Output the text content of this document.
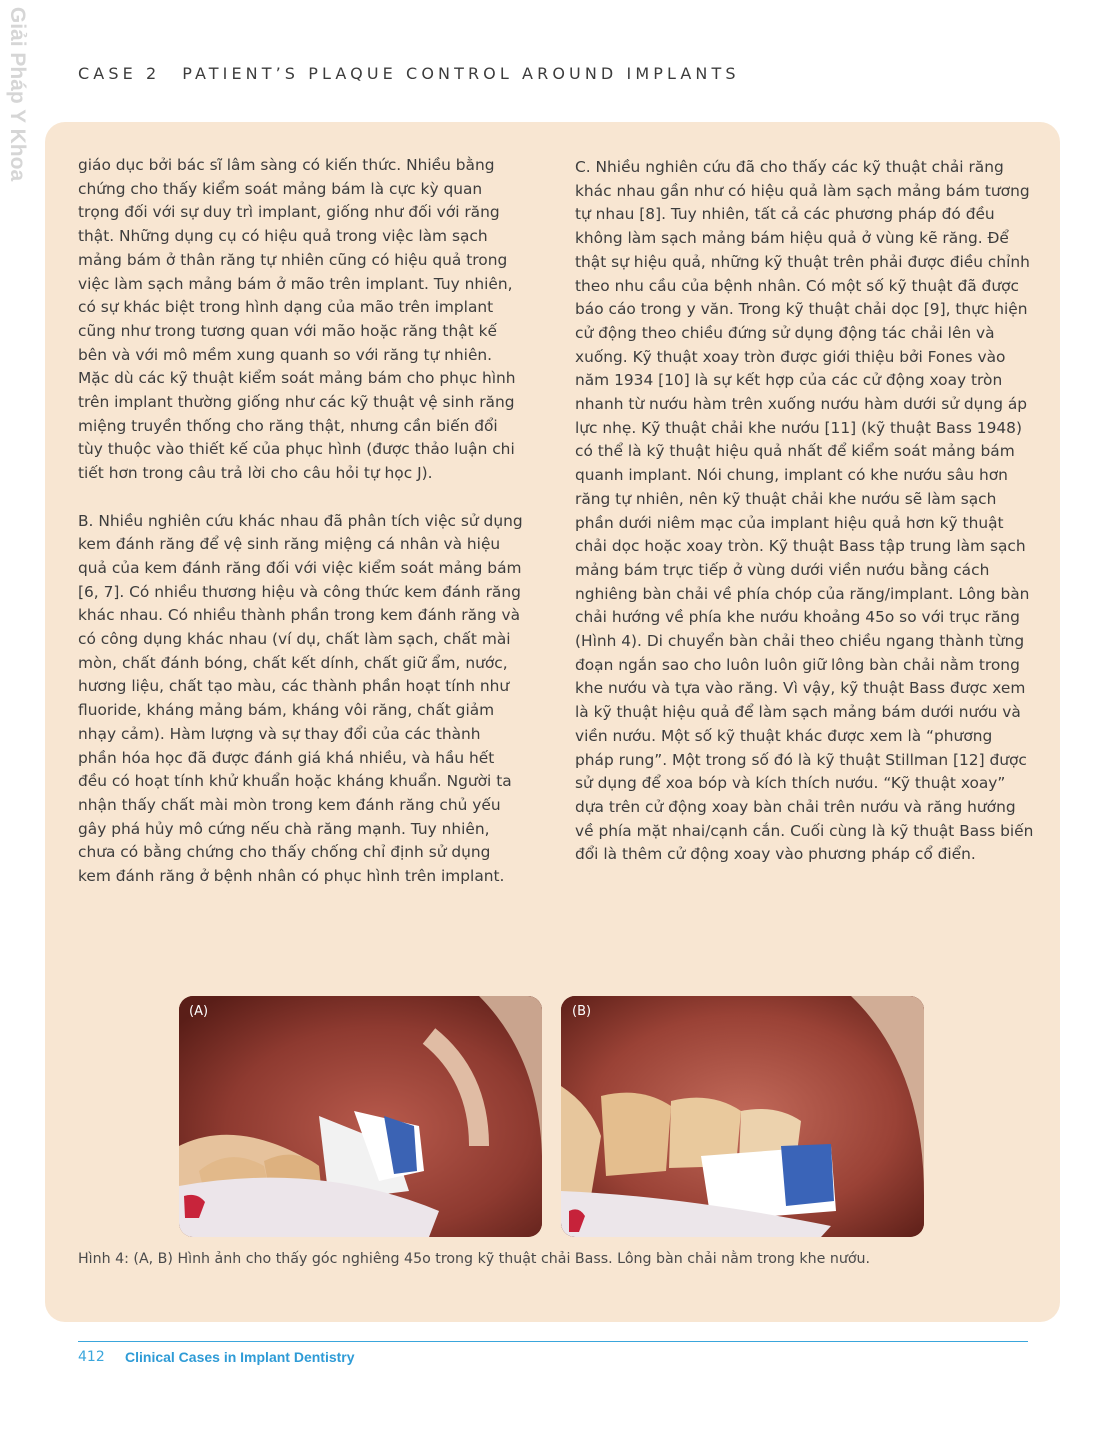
Giải Pháp Y Khoa	CASE 2 PATIENT’S PLAQUE CONTROL AROUND IMPLANTS

giáo dục bởi bác sĩ lâm sàng có kiến thức. Nhiều bằng chứng cho thấy kiểm soát mảng bám là cực kỳ quan trọng đối với sự duy trì implant, giống như đối với răng thật. Những dụng cụ có hiệu quả trong việc làm sạch mảng bám ở thân răng tự nhiên cũng có hiệu quả trong việc làm sạch mảng bám ở mão trên implant. Tuy nhiên, có sự khác biệt trong hình dạng của mão trên implant cũng như trong tương quan với mão hoặc răng thật kế bên và với mô mềm xung quanh so với răng tự nhiên. Mặc dù các kỹ thuật kiểm soát mảng bám cho phục hình trên implant thường giống như các kỹ thuật vệ sinh răng miệng truyền thống cho răng thật, nhưng cần biến đổi tùy thuộc vào thiết kế của phục hình (được thảo luận chi tiết hơn trong câu trả lời cho câu hỏi tự học J).

B. Nhiều nghiên cứu khác nhau đã phân tích việc sử dụng kem đánh răng để vệ sinh răng miệng cá nhân và hiệu quả của kem đánh răng đối với việc kiểm soát mảng bám [6, 7]. Có nhiều thương hiệu và công thức kem đánh răng khác nhau. Có nhiều thành phần trong kem đánh răng và có công dụng khác nhau (ví dụ, chất làm sạch, chất mài mòn, chất đánh bóng, chất kết dính, chất giữ ẩm, nước, hương liệu, chất tạo màu, các thành phần hoạt tính như fluoride, kháng mảng bám, kháng vôi răng, chất giảm nhạy cảm). Hàm lượng và sự thay đổi của các thành phần hóa học đã được đánh giá khá nhiều, và hầu hết đều có hoạt tính khử khuẩn hoặc kháng khuẩn. Người ta nhận thấy chất mài mòn trong kem đánh răng chủ yếu gây phá hủy mô cứng nếu chà răng mạnh. Tuy nhiên, chưa có bằng chứng cho thấy chống chỉ định sử dụng kem đánh răng ở bệnh nhân có phục hình trên implant.

C. Nhiều nghiên cứu đã cho thấy các kỹ thuật chải răng khác nhau gần như có hiệu quả làm sạch mảng bám tương tự nhau [8]. Tuy nhiên, tất cả các phương pháp đó đều không làm sạch mảng bám hiệu quả ở vùng kẽ răng. Để thật sự hiệu quả, những kỹ thuật trên phải được điều chỉnh theo nhu cầu của bệnh nhân. Có một số kỹ thuật đã được báo cáo trong y văn. Trong kỹ thuật chải dọc [9], thực hiện cử động theo chiều đứng sử dụng động tác chải lên và xuống. Kỹ thuật xoay tròn được giới thiệu bởi Fones vào năm 1934 [10] là sự kết hợp của các cử động xoay tròn nhanh từ nướu hàm trên xuống nướu hàm dưới sử dụng áp lực nhẹ. Kỹ thuật chải khe nướu [11] (kỹ thuật Bass 1948) có thể là kỹ thuật hiệu quả nhất để kiểm soát mảng bám quanh implant. Nói chung, implant có khe nướu sâu hơn răng tự nhiên, nên kỹ thuật chải khe nướu sẽ làm sạch phần dưới niêm mạc của implant hiệu quả hơn kỹ thuật chải dọc hoặc xoay tròn. Kỹ thuật Bass tập trung làm sạch mảng bám trực tiếp ở vùng dưới viền nướu bằng cách nghiêng bàn chải về phía chóp của răng/implant. Lông bàn chải hướng về phía khe nướu khoảng 45o so với trục răng (Hình 4). Di chuyển bàn chải theo chiều ngang thành từng đoạn ngắn sao cho luôn luôn giữ lông bàn chải nằm trong khe nướu và tựa vào răng. Vì vậy, kỹ thuật Bass được xem là kỹ thuật hiệu quả để làm sạch mảng bám dưới nướu và viền nướu. Một số kỹ thuật khác được xem là “phương pháp rung”. Một trong số đó là kỹ thuật Stillman [12] được sử dụng để xoa bóp và kích thích nướu. “Kỹ thuật xoay” dựa trên cử động xoay bàn chải trên nướu và răng hướng về phía mặt nhai/cạnh cắn. Cuối cùng là kỹ thuật Bass biến đổi là thêm cử động xoay vào phương pháp cổ điển.

(A)	(B)
Hình 4: (A, B) Hình ảnh cho thấy góc nghiêng 45o trong kỹ thuật chải Bass. Lông bàn chải nằm trong khe nướu.
412 Clinical Cases in Implant Dentistry
